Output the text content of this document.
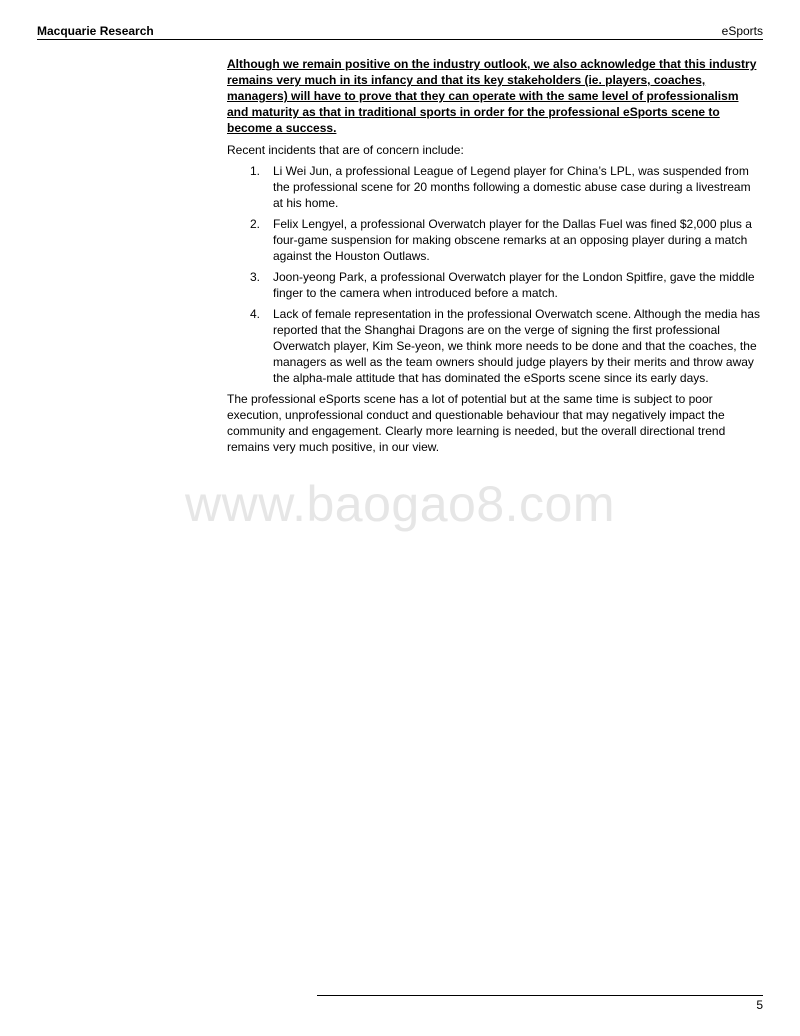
Macquarie Research	eSports

Although we remain positive on the industry outlook, we also acknowledge that this industry remains very much in its infancy and that its key stakeholders (ie. players, coaches, managers) will have to prove that they can operate with the same level of professionalism and maturity as that in traditional sports in order for the professional eSports scene to become a success.

Recent incidents that are of concern include:

1. Li Wei Jun, a professional League of Legend player for China’s LPL, was suspended from the professional scene for 20 months following a domestic abuse case during a livestream at his home.
2. Felix Lengyel, a professional Overwatch player for the Dallas Fuel was fined $2,000 plus a four-game suspension for making obscene remarks at an opposing player during a match against the Houston Outlaws.
3. Joon-yeong Park, a professional Overwatch player for the London Spitfire, gave the middle finger to the camera when introduced before a match.
4. Lack of female representation in the professional Overwatch scene. Although the media has reported that the Shanghai Dragons are on the verge of signing the first professional Overwatch player, Kim Se-yeon, we think more needs to be done and that the coaches, the managers as well as the team owners should judge players by their merits and throw away the alpha-male attitude that has dominated the eSports scene since its early days.

The professional eSports scene has a lot of potential but at the same time is subject to poor execution, unprofessional conduct and questionable behaviour that may negatively impact the community and engagement. Clearly more learning is needed, but the overall directional trend remains very much positive, in our view.

www.baogao8.com
5
